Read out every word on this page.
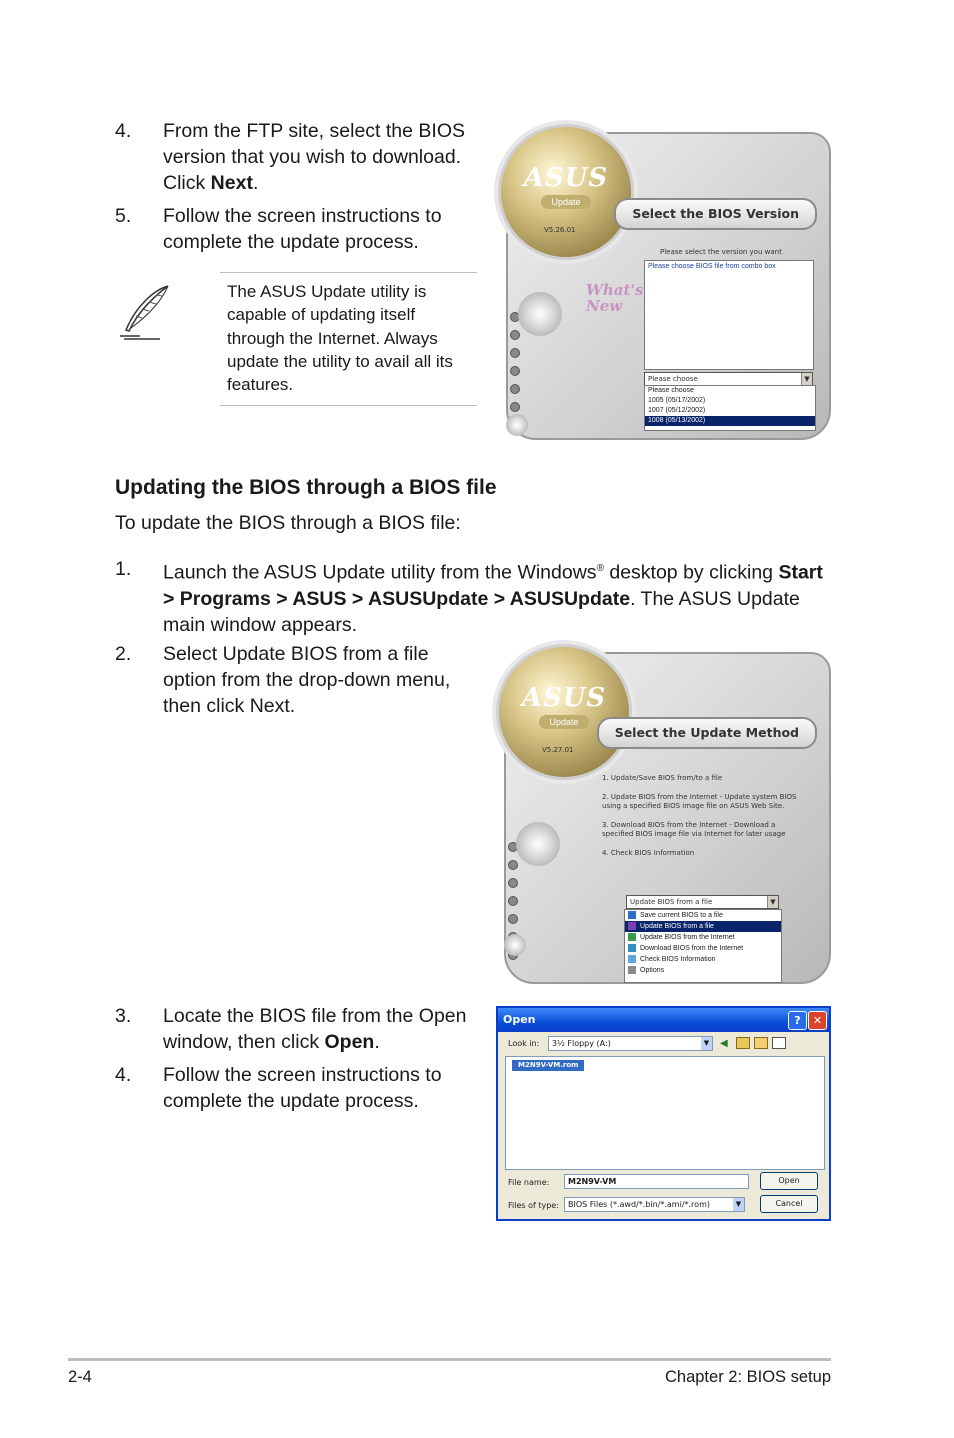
4. From the FTP site, select the BIOS version that you wish to download. Click Next.
5. Follow the screen instructions to complete the update process.
The ASUS Update utility is capable of updating itself through the Internet. Always update the utility to avail all its features.
ASUS
Update
V5.26.01
Select the BIOS Version
What's New
Please select the version you want
Please choose BIOS file from combo box
Please choose	▼
Please choose
1005 (05/17/2002)
1007 (05/12/2002)
1008 (05/13/2002)
Updating the BIOS through a BIOS file
To update the BIOS through a BIOS file:
1. Launch the ASUS Update utility from the Windows® desktop by clicking Start > Programs > ASUS > ASUSUpdate > ASUSUpdate. The ASUS Update main window appears.
2. Select Update BIOS from a file option from the drop-down menu, then click Next.	ASUS
Update
V5.27.01
Select the Update Method
1. Update/Save BIOS from/to a file
2. Update BIOS from the Internet - Update system BIOS using a specified BIOS image file on ASUS Web Site.
3. Download BIOS from the Internet - Download a specified BIOS image file via Internet for later usage
4. Check BIOS Information
Update BIOS from a file	▼
Save current BIOS to a file
Update BIOS from a file
Update BIOS from the Internet
Download BIOS from the Internet
Check BIOS Information
Options
3. Locate the BIOS file from the Open window, then click Open.
4. Follow the screen instructions to complete the update process.
Open	?	✕
Look in:	3½ Floppy (A:)	▼ ◀
M2N9V-VM.rom
File name:	M2N9V-VM
Files of type:	BIOS Files (*.awd/*.bin/*.ami/*.rom)	▼
Open
Cancel
2-4	Chapter 2: BIOS setup
